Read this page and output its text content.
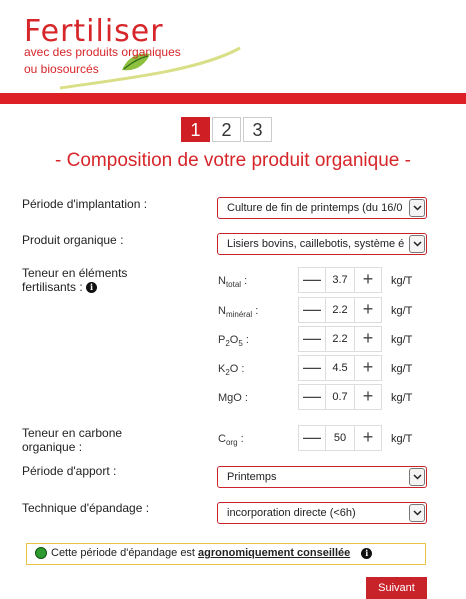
Fertiliser
avec des produits organiques
ou biosourcés
1	2	3
- Composition de votre produit organique -
Période d'implantation :	Culture de fin de printemps (du 16/0
Produit organique :	Lisiers bovins, caillebotis, système é
Teneur en éléments
fertilisants : i
$N_{total}$ :	—	3.7 +	kg/T
$N_{minéral}$ : —	2.2 +	kg/T
$P_2O_5$ :	—	2.2 +	kg/T
$K_2O$ :	—	4.5 +	kg/T
MgO :	—	0.7 +	kg/T
Teneur en carbone
organique :
$C_{org}$ :	—	50 +	kg/T
Période d'apport :	Printemps
Technique d'épandage :	incorporation directe (<6h)
Cette période d'épandage est agronomiquement conseillée i
Suivant
